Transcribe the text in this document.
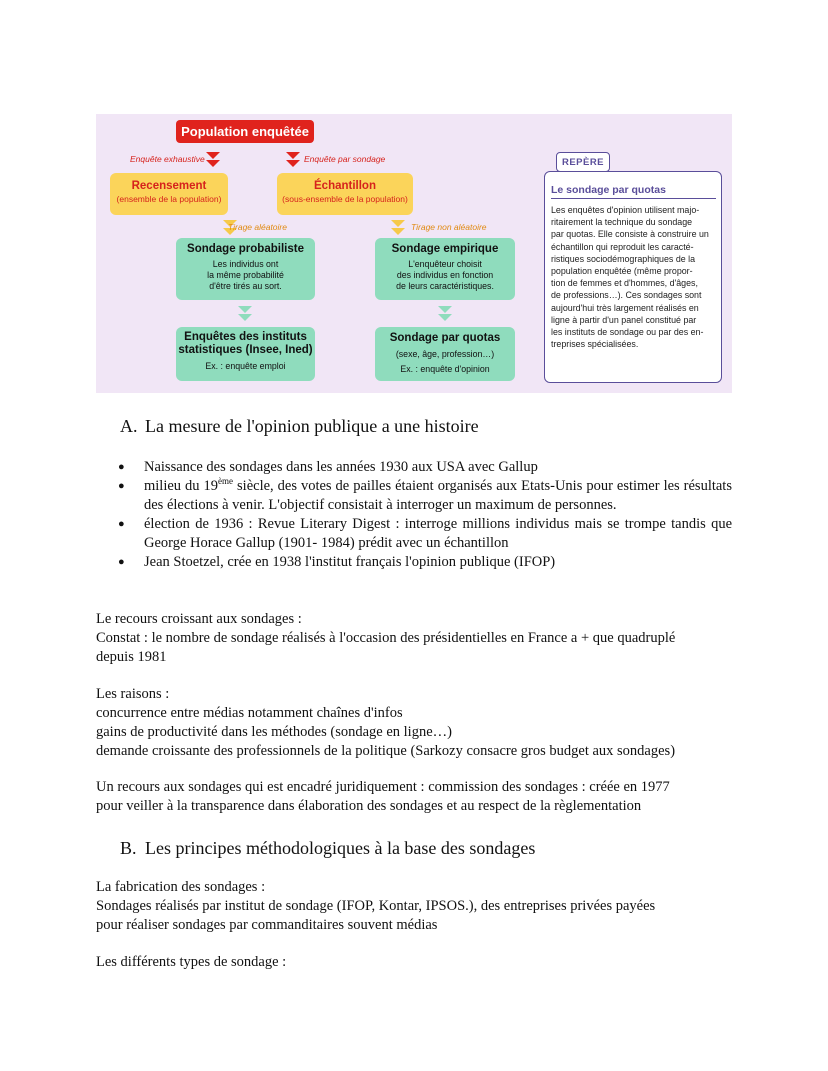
Population enquêtée
Enquête exhaustive	Enquête par sondage
Recensement
(ensemble de la population)
Échantillon
(sous-ensemble de la population)
Tirage aléatoire	Tirage non aléatoire
Sondage probabiliste
Les individus ont
la même probabilité
d'être tirés au sort.
Sondage empirique
L'enquêteur choisit
des individus en fonction
de leurs caractéristiques.
Enquêtes des instituts
statistiques (Insee, Ined)
Ex. : enquête emploi
Sondage par quotas
(sexe, âge, profession…)
Ex. : enquête d'opinion
REPÈRE
Le sondage par quotas
Les enquêtes d'opinion utilisent majo-
ritairement la technique du sondage
par quotas. Elle consiste à construire un
échantillon qui reproduit les caracté-
ristiques sociodémographiques de la
population enquêtée (même propor-
tion de femmes et d'hommes, d'âges,
de professions…). Ces sondages sont
aujourd'hui très largement réalisés en
ligne à partir d'un panel constitué par
les instituts de sondage ou par des en-
treprises spécialisées.
A. La mesure de l'opinion publique a une histoire
● Naissance des sondages dans les années 1930 aux USA avec Gallup
● milieu du 19ème siècle, des votes de pailles étaient organisés aux Etats-Unis pour estimer les résultats des élections à venir. L'objectif consistait à interroger un maximum de personnes.
● élection de 1936 : Revue Literary Digest : interroge millions individus mais se trompe tandis que George Horace Gallup (1901- 1984) prédit avec un échantillon
● Jean Stoetzel, crée en 1938 l'institut français l'opinion publique (IFOP)
Le recours croissant aux sondages :
Constat : le nombre de sondage réalisés à l'occasion des présidentielles en France a + que quadruplé
depuis 1981
Les raisons :
concurrence entre médias notamment chaînes d'infos
gains de productivité dans les méthodes (sondage en ligne…)
demande croissante des professionnels de la politique (Sarkozy consacre gros budget aux sondages)
Un recours aux sondages qui est encadré juridiquement : commission des sondages : créée en 1977
pour veiller à la transparence dans élaboration des sondages et au respect de la règlementation
B. Les principes méthodologiques à la base des sondages
La fabrication des sondages :
Sondages réalisés par institut de sondage (IFOP, Kontar, IPSOS.), des entreprises privées payées
pour réaliser sondages par commanditaires souvent médias
Les différents types de sondage :
